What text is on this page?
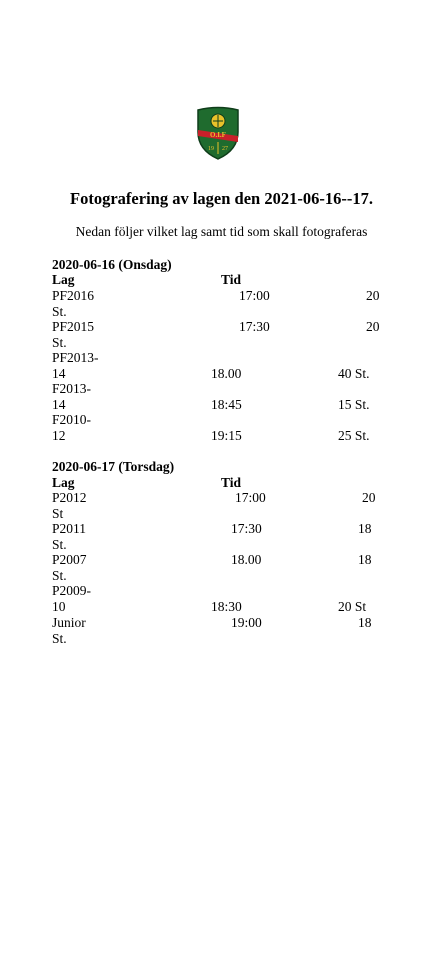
O.I.F
19 27
Fotografering av lagen den 2021-06-16--17.
Nedan följer vilket lag samt tid som skall fotograferas
2020-06-16 (Onsdag)
Lag	Tid
PF2016	17:00	20
St.
PF2015	17:30	20
St.
PF2013-
14	18.00	40 St.
F2013-
14	18:45	15 St.
F2010-
12	19:15	25 St.
2020-06-17 (Torsdag)
Lag	Tid
P2012	17:00	20
St
P2011	17:30	18
St.
P2007	18.00	18
St.
P2009-
10	18:30	20 St
Junior	19:00	18
St.
